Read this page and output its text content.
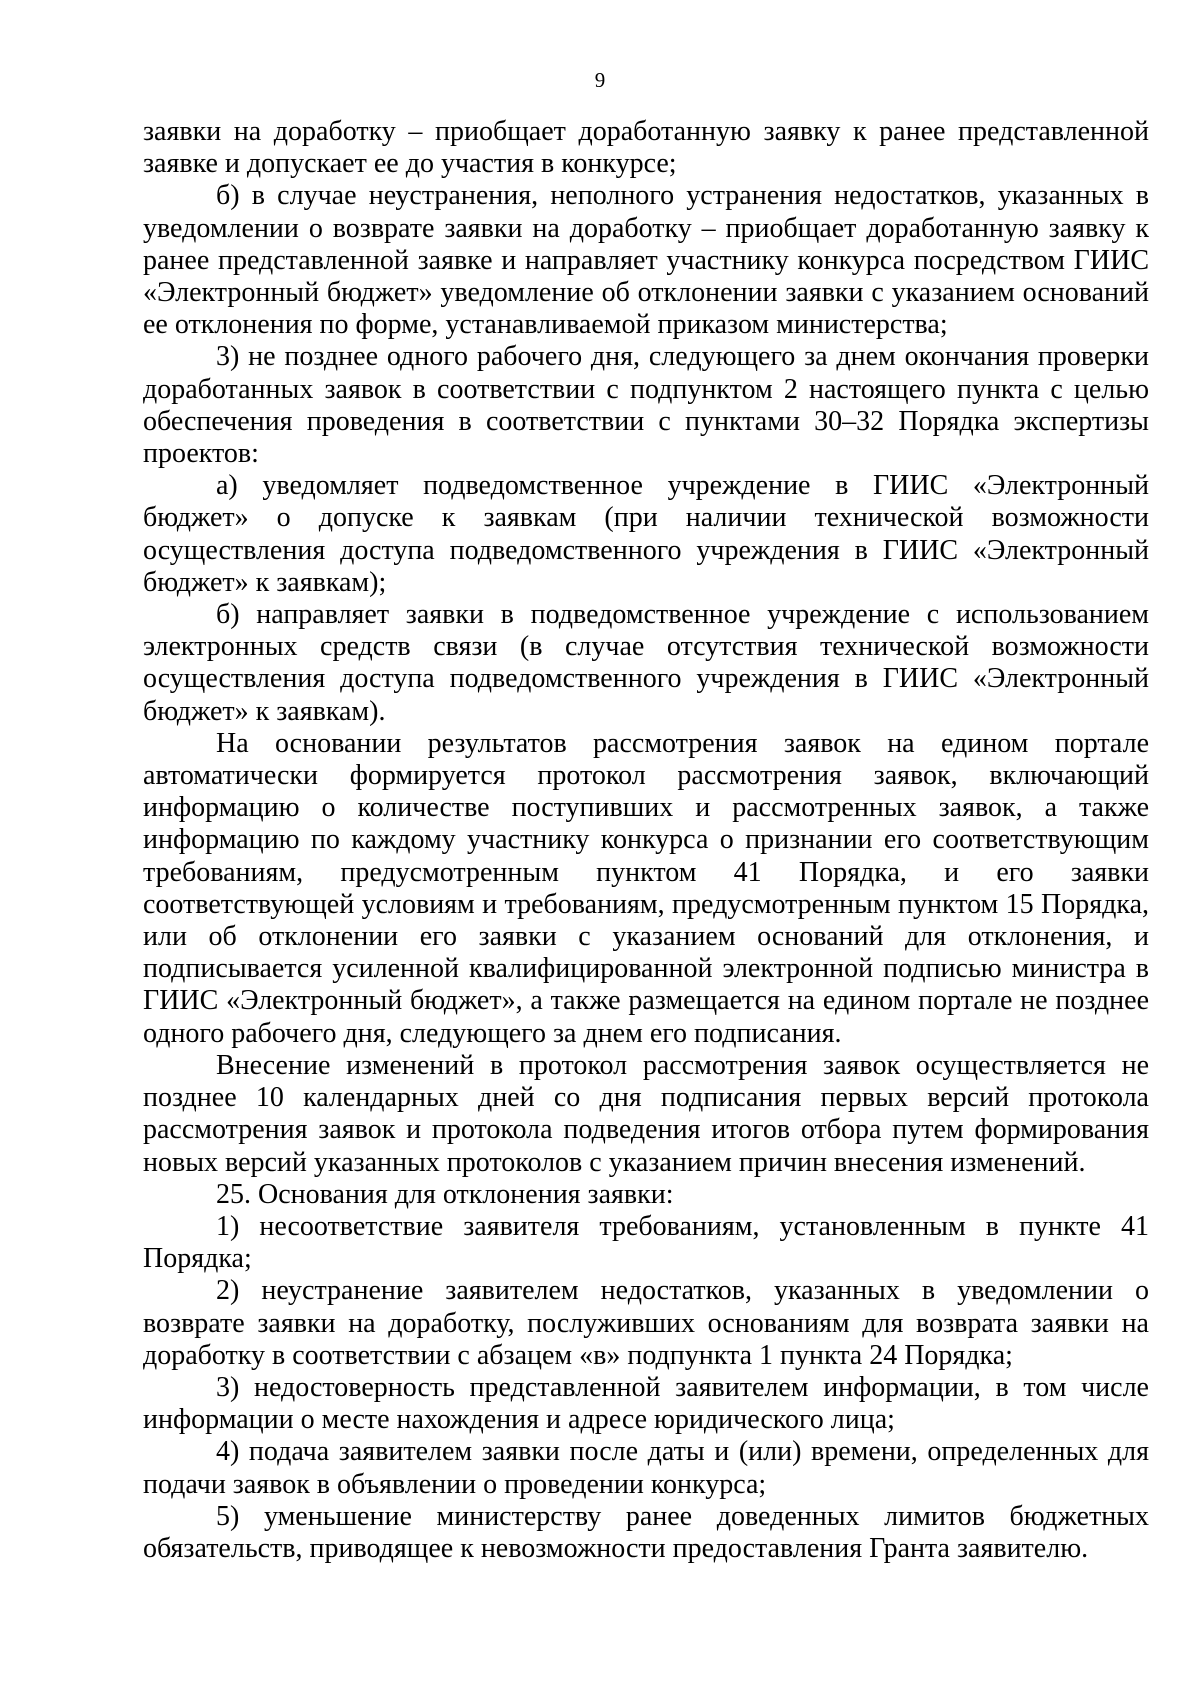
9

заявки на доработку – приобщает доработанную заявку к ранее представленной заявке и допускает ее до участия в конкурсе;

б) в случае неустранения, неполного устранения недостатков, указанных в уведомлении о возврате заявки на доработку – приобщает доработанную заявку к ранее представленной заявке и направляет участнику конкурса посредством ГИИС «Электронный бюджет» уведомление об отклонении заявки с указанием оснований ее отклонения по форме, устанавливаемой приказом министерства;

3) не позднее одного рабочего дня, следующего за днем окончания проверки доработанных заявок в соответствии с подпунктом 2 настоящего пункта с целью обеспечения проведения в соответствии с пунктами 30–32 Порядка экспертизы проектов:

а) уведомляет подведомственное учреждение в ГИИС «Электронный бюджет» о допуске к заявкам (при наличии технической возможности осуществления доступа подведомственного учреждения в ГИИС «Электронный бюджет» к заявкам);

б) направляет заявки в подведомственное учреждение с использованием электронных средств связи (в случае отсутствия технической возможности осуществления доступа подведомственного учреждения в ГИИС «Электронный бюджет» к заявкам).

На основании результатов рассмотрения заявок на едином портале автоматически формируется протокол рассмотрения заявок, включающий информацию о количестве поступивших и рассмотренных заявок, а также информацию по каждому участнику конкурса о признании его соответствующим требованиям, предусмотренным пунктом 41 Порядка, и его заявки соответствующей условиям и требованиям, предусмотренным пунктом 15 Порядка, или об отклонении его заявки с указанием оснований для отклонения, и подписывается усиленной квалифицированной электронной подписью министра в ГИИС «Электронный бюджет», а также размещается на едином портале не позднее одного рабочего дня, следующего за днем его подписания.

Внесение изменений в протокол рассмотрения заявок осуществляется не позднее 10 календарных дней со дня подписания первых версий протокола рассмотрения заявок и протокола подведения итогов отбора путем формирования новых версий указанных протоколов с указанием причин внесения изменений.

25. Основания для отклонения заявки:

1) несоответствие заявителя требованиям, установленным в пункте 41 Порядка;

2) неустранение заявителем недостатков, указанных в уведомлении о возврате заявки на доработку, послуживших основаниям для возврата заявки на доработку в соответствии с абзацем «в» подпункта 1 пункта 24 Порядка;

3) недостоверность представленной заявителем информации, в том числе информации о месте нахождения и адресе юридического лица;

4) подача заявителем заявки после даты и (или) времени, определенных для подачи заявок в объявлении о проведении конкурса;

5) уменьшение министерству ранее доведенных лимитов бюджетных обязательств, приводящее к невозможности предоставления Гранта заявителю.
